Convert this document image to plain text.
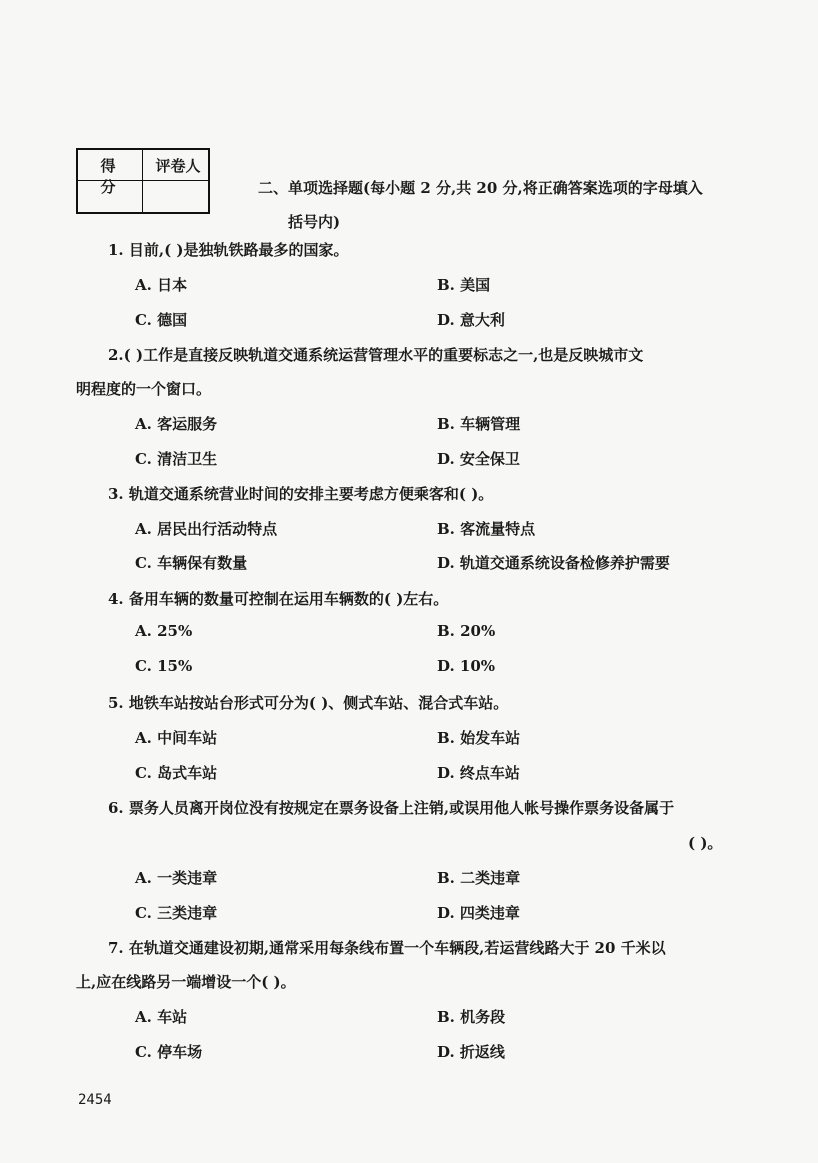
得 分
评卷人
二、单项选择题(每小题 2 分,共 20 分,将正确答案选项的字母填入
括号内)
1. 目前,( )是独轨铁路最多的国家。
A. 日本	B. 美国
C. 德国	D. 意大利
2.( )工作是直接反映轨道交通系统运营管理水平的重要标志之一,也是反映城市文
明程度的一个窗口。
A. 客运服务	B. 车辆管理
C. 清洁卫生	D. 安全保卫
3. 轨道交通系统营业时间的安排主要考虑方便乘客和( )。
A. 居民出行活动特点	B. 客流量特点
C. 车辆保有数量	D. 轨道交通系统设备检修养护需要
4. 备用车辆的数量可控制在运用车辆数的( )左右。
A. 25%	B. 20%
C. 15%	D. 10%
5. 地铁车站按站台形式可分为( )、侧式车站、混合式车站。
A. 中间车站	B. 始发车站
C. 岛式车站	D. 终点车站
6. 票务人员离开岗位没有按规定在票务设备上注销,或误用他人帐号操作票务设备属于
( )。
A. 一类违章	B. 二类违章
C. 三类违章	D. 四类违章
7. 在轨道交通建设初期,通常采用每条线布置一个车辆段,若运营线路大于 20 千米以
上,应在线路另一端增设一个( )。
A. 车站	B. 机务段
C. 停车场	D. 折返线
2454
